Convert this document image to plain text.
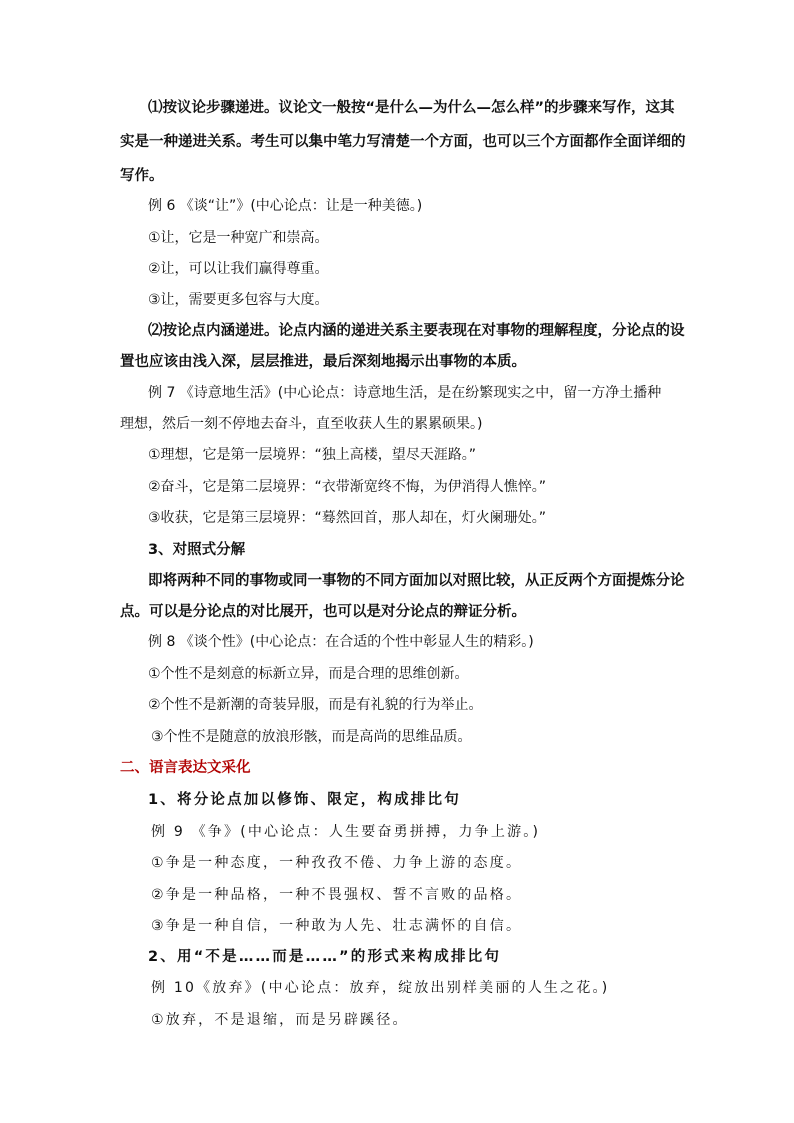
⑴按议论步骤递进。议论文一般按“是什么—为什么—怎么样”的步骤来写作，这其
实是一种递进关系。考生可以集中笔力写清楚一个方面，也可以三个方面都作全面详细的
写作。
例 6 《谈“让”》(中心论点：让是一种美德。)
①让，它是一种宽广和崇高。
②让，可以让我们赢得尊重。
③让，需要更多包容与大度。
⑵按论点内涵递进。论点内涵的递进关系主要表现在对事物的理解程度，分论点的设
置也应该由浅入深，层层推进，最后深刻地揭示出事物的本质。
例 7 《诗意地生活》(中心论点：诗意地生活，是在纷繁现实之中，留一方净土播种
理想，然后一刻不停地去奋斗，直至收获人生的累累硕果。)
①理想，它是第一层境界：“独上高楼，望尽天涯路。”
②奋斗，它是第二层境界：“衣带渐宽终不悔，为伊消得人憔悴。”
③收获，它是第三层境界：“蓦然回首，那人却在，灯火阑珊处。”
3、对照式分解
即将两种不同的事物或同一事物的不同方面加以对照比较，从正反两个方面提炼分论
点。可以是分论点的对比展开，也可以是对分论点的辩证分析。
例 8 《谈个性》(中心论点：在合适的个性中彰显人生的精彩。)
①个性不是刻意的标新立异，而是合理的思维创新。
②个性不是新潮的奇装异服，而是有礼貌的行为举止。
③个性不是随意的放浪形骸，而是高尚的思维品质。
二、语言表达文采化
1、将分论点加以修饰、限定，构成排比句
例 9 《争》(中心论点：人生要奋勇拼搏，力争上游。)
①争是一种态度，一种孜孜不倦、力争上游的态度。
②争是一种品格，一种不畏强权、誓不言败的品格。
③争是一种自信，一种敢为人先、壮志满怀的自信。
2、用“不是……而是……”的形式来构成排比句
例 10《放弃》(中心论点：放弃，绽放出别样美丽的人生之花。)
①放弃，不是退缩，而是另辟蹊径。
